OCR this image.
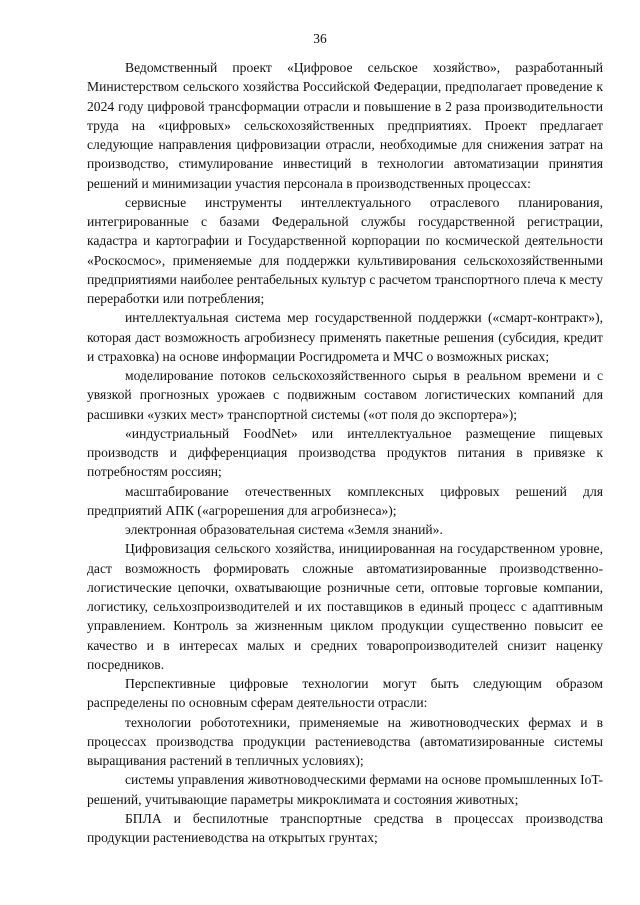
36

Ведомственный проект «Цифровое сельское хозяйство», разработанный Министерством сельского хозяйства Российской Федерации, предполагает проведение к 2024 году цифровой трансформации отрасли и повышение в 2 раза производительности труда на «цифровых» сельскохозяйственных предприятиях. Проект предлагает следующие направления цифровизации отрасли, необходимые для снижения затрат на производство, стимулирование инвестиций в технологии автоматизации принятия решений и минимизации участия персонала в производственных процессах:

сервисные инструменты интеллектуального отраслевого планирования, интегрированные с базами Федеральной службы государственной регистрации, кадастра и картографии и Государственной корпорации по космической деятельности «Роскосмос», применяемые для поддержки культивирования сельскохозяйственными предприятиями наиболее рентабельных культур с расчетом транспортного плеча к месту переработки или потребления;

интеллектуальная система мер государственной поддержки («смарт-контракт»), которая даст возможность агробизнесу применять пакетные решения (субсидия, кредит и страховка) на основе информации Росгидромета и МЧС о возможных рисках;

моделирование потоков сельскохозяйственного сырья в реальном времени и с увязкой прогнозных урожаев с подвижным составом логистических компаний для расшивки «узких мест» транспортной системы («от поля до экспортера»);

«индустриальный FoodNet» или интеллектуальное размещение пищевых производств и дифференциация производства продуктов питания в привязке к потребностям россиян;

масштабирование отечественных комплексных цифровых решений для предприятий АПК («агрорешения для агробизнеса»);

электронная образовательная система «Земля знаний».

Цифровизация сельского хозяйства, инициированная на государственном уровне, даст возможность формировать сложные автоматизированные производственно-логистические цепочки, охватывающие розничные сети, оптовые торговые компании, логистику, сельхозпроизводителей и их поставщиков в единый процесс с адаптивным управлением. Контроль за жизненным циклом продукции существенно повысит ее качество и в интересах малых и средних товаропроизводителей снизит наценку посредников.

Перспективные цифровые технологии могут быть следующим образом распределены по основным сферам деятельности отрасли:

технологии робототехники, применяемые на животноводческих фермах и в процессах производства продукции растениеводства (автоматизированные системы выращивания растений в тепличных условиях);

системы управления животноводческими фермами на основе промышленных IoT-решений, учитывающие параметры микроклимата и состояния животных;

БПЛА и беспилотные транспортные средства в процессах производства продукции растениеводства на открытых грунтах;
